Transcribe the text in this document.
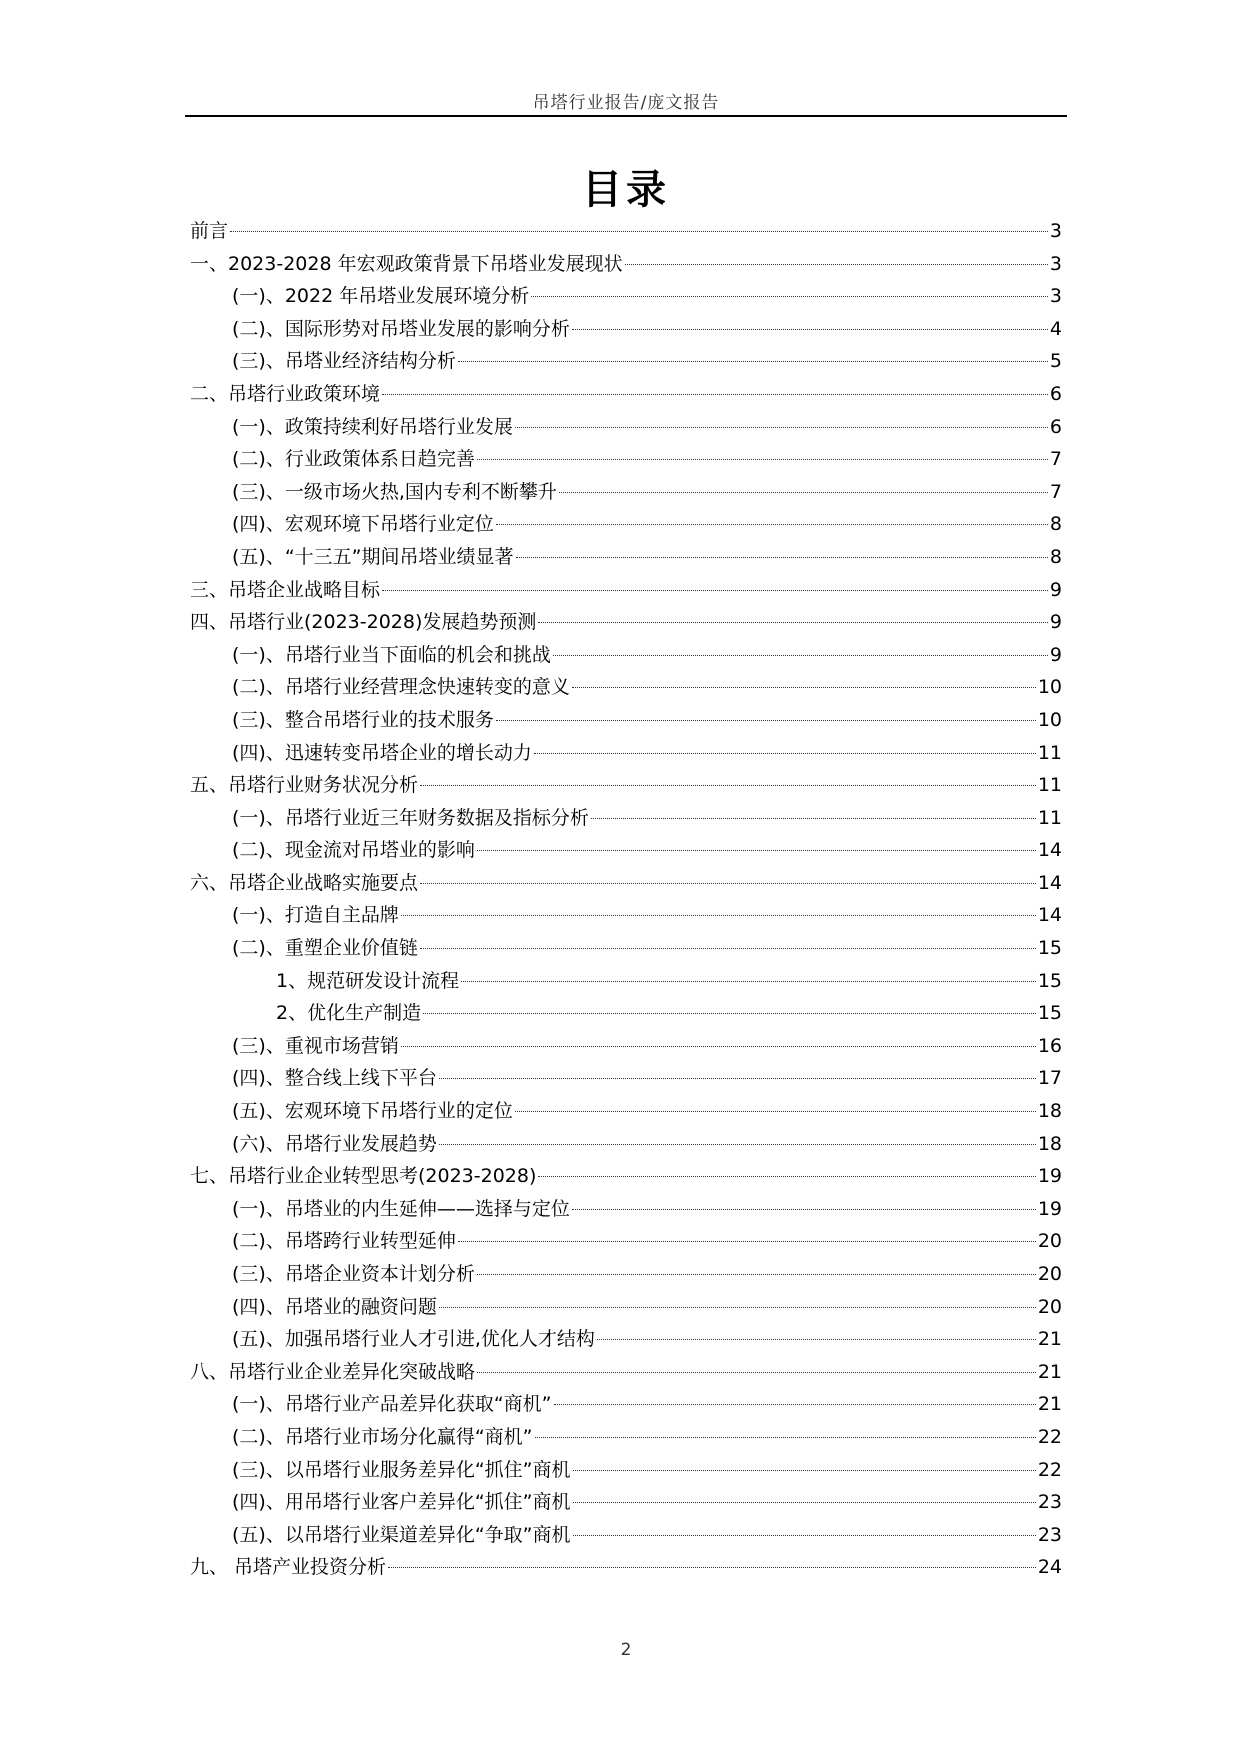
吊塔行业报告/庞文报告
目录
前言	3
一、2023-2028 年宏观政策背景下吊塔业发展现状	3
(一)、2022 年吊塔业发展环境分析	3
(二)、国际形势对吊塔业发展的影响分析	4
(三)、吊塔业经济结构分析	5
二、吊塔行业政策环境	6
(一)、政策持续利好吊塔行业发展	6
(二)、行业政策体系日趋完善	7
(三)、一级市场火热,国内专利不断攀升	7
(四)、宏观环境下吊塔行业定位	8
(五)、“十三五”期间吊塔业绩显著	8
三、吊塔企业战略目标	9
四、吊塔行业(2023-2028)发展趋势预测	9
(一)、吊塔行业当下面临的机会和挑战	9
(二)、吊塔行业经营理念快速转变的意义	10
(三)、整合吊塔行业的技术服务	10
(四)、迅速转变吊塔企业的增长动力	11
五、吊塔行业财务状况分析	11
(一)、吊塔行业近三年财务数据及指标分析	11
(二)、现金流对吊塔业的影响	14
六、吊塔企业战略实施要点	14
(一)、打造自主品牌	14
(二)、重塑企业价值链	15
1、规范研发设计流程	15
2、优化生产制造	15
(三)、重视市场营销	16
(四)、整合线上线下平台	17
(五)、宏观环境下吊塔行业的定位	18
(六)、吊塔行业发展趋势	18
七、吊塔行业企业转型思考(2023-2028)	19
(一)、吊塔业的内生延伸——选择与定位	19
(二)、吊塔跨行业转型延伸	20
(三)、吊塔企业资本计划分析	20
(四)、吊塔业的融资问题	20
(五)、加强吊塔行业人才引进,优化人才结构	21
八、吊塔行业企业差异化突破战略	21
(一)、吊塔行业产品差异化获取“商机”	21
(二)、吊塔行业市场分化赢得“商机”	22
(三)、以吊塔行业服务差异化“抓住”商机	22
(四)、用吊塔行业客户差异化“抓住”商机	23
(五)、以吊塔行业渠道差异化“争取”商机	23
九、 吊塔产业投资分析	24
2
